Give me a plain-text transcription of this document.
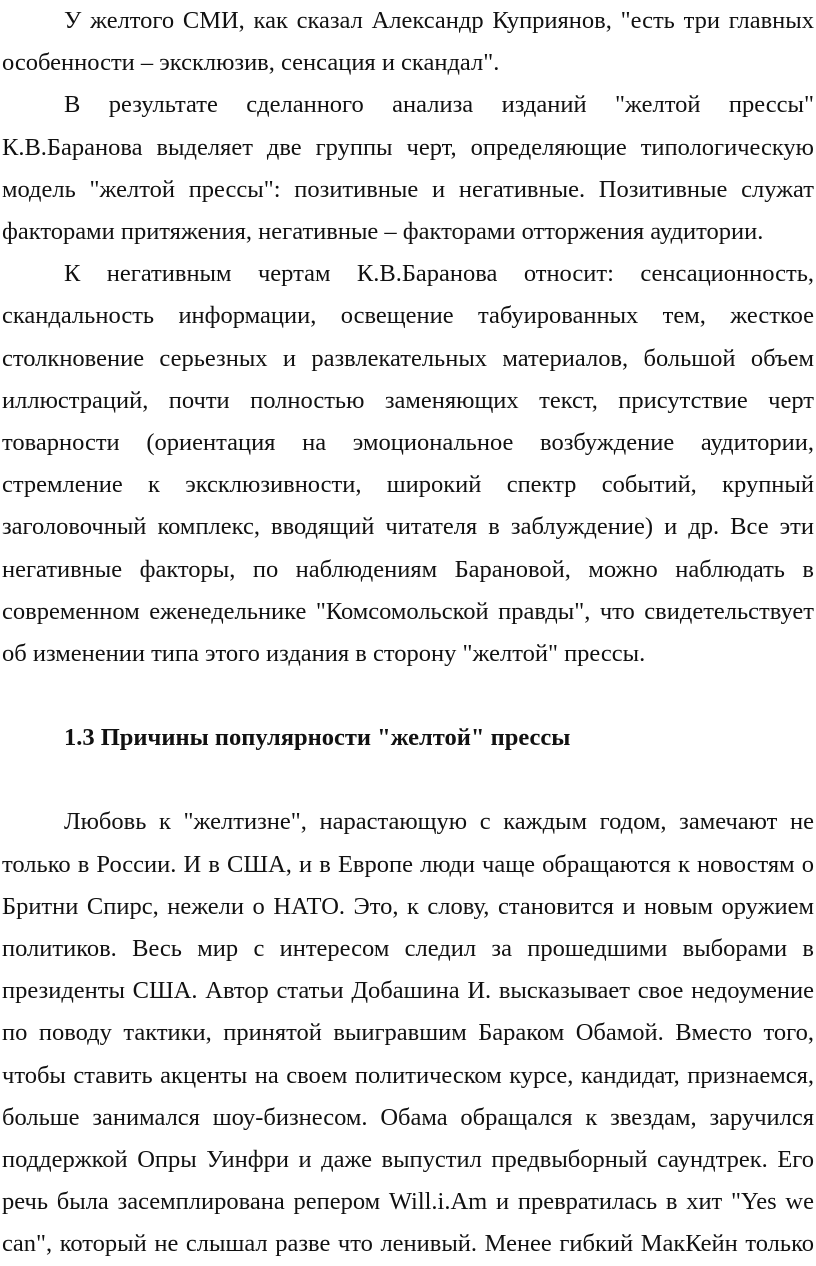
У желтого СМИ, как сказал Александр Куприянов, "есть три главных особенности – эксклюзив, сенсация и скандал".

В результате сделанного анализа изданий "желтой прессы" К.В.Баранова выделяет две группы черт, определяющие типологическую модель "желтой прессы": позитивные и негативные. Позитивные служат факторами притяжения, негативные – факторами отторжения аудитории.

К негативным чертам К.В.Баранова относит: сенсационность, скандальность информации, освещение табуированных тем, жесткое столкновение серьезных и развлекательных материалов, большой объем иллюстраций, почти полностью заменяющих текст, присутствие черт товарности (ориентация на эмоциональное возбуждение аудитории, стремление к эксклюзивности, широкий спектр событий, крупный заголовочный комплекс, вводящий читателя в заблуждение) и др. Все эти негативные факторы, по наблюдениям Барановой, можно наблюдать в современном еженедельнике "Комсомольской правды", что свидетельствует об изменении типа этого издания в сторону "желтой" прессы.

1.3 Причины популярности "желтой" прессы

Любовь к "желтизне", нарастающую с каждым годом, замечают не только в России. И в США, и в Европе люди чаще обращаются к новостям о Бритни Спирс, нежели о НАТО. Это, к слову, становится и новым оружием политиков. Весь мир с интересом следил за прошедшими выборами в президенты США. Автор статьи Добашина И. высказывает свое недоумение по поводу тактики, принятой выигравшим Бараком Обамой. Вместо того, чтобы ставить акценты на своем политическом курсе, кандидат, признаемся, больше занимался шоу-бизнесом. Обама обращался к звездам, заручился поддержкой Опры Уинфри и даже выпустил предвыборный саундтрек. Его речь была засемплирована репером Will.i.Am и превратилась в хит "Yes we can", который не слышал разве что ленивый. Менее гибкий МакКейн только
